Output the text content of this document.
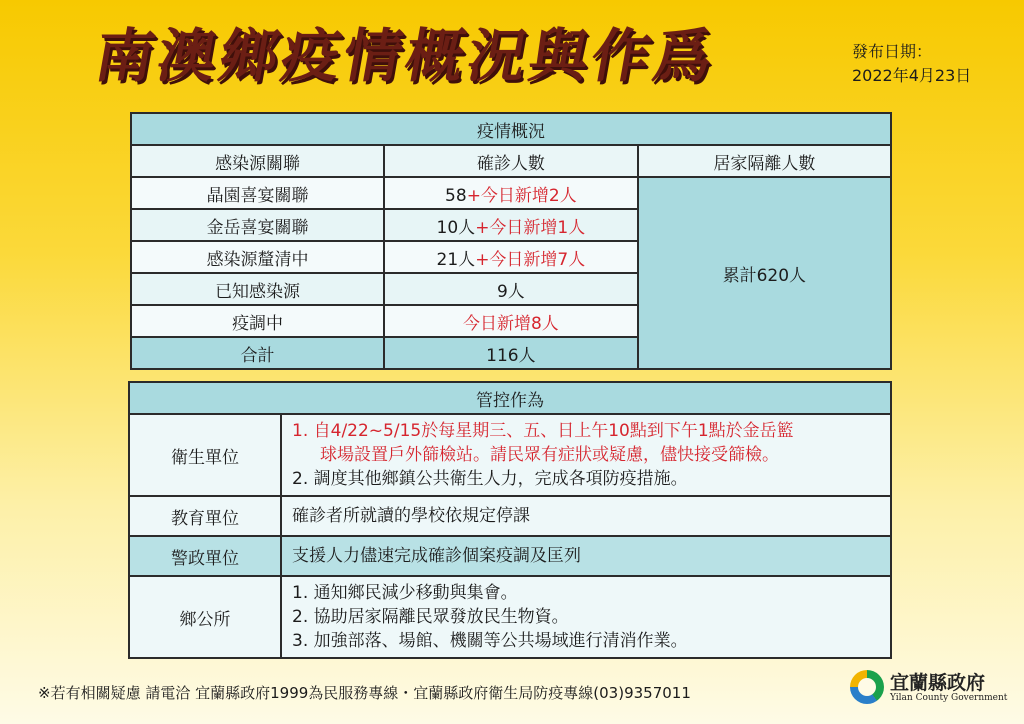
南澳鄉疫情概況與作爲	發布日期：
2022年4月23日
疫情概況		
感染源關聯	確診人數	居家隔離人數
晶園喜宴關聯	58+今日新增2人	累計620人
金岳喜宴關聯	10人+今日新增1人	
感染源釐清中	21人+今日新增7人	
已知感染源	9人	
疫調中	今日新增8人	
合計	116人	
管控作為	
衛生單位	1. 自4/22~5/15於每星期三、五、日上午10點到下午1點於金岳籃
球場設置戶外篩檢站。請民眾有症狀或疑慮，儘快接受篩檢。
2. 調度其他鄉鎮公共衛生人力，完成各項防疫措施。

教育單位	確診者所就讀的學校依規定停課
警政單位	支援人力儘速完成確診個案疫調及匡列
鄉公所	1. 通知鄉民減少移動與集會。
2. 協助居家隔離民眾發放民生物資。
3. 加強部落、場館、機關等公共場域進行清消作業。
※若有相關疑慮 請電洽 宜蘭縣政府1999為民服務專線・宜蘭縣政府衛生局防疫專線(03)9357011	宜蘭縣政府
Yilan County Government
